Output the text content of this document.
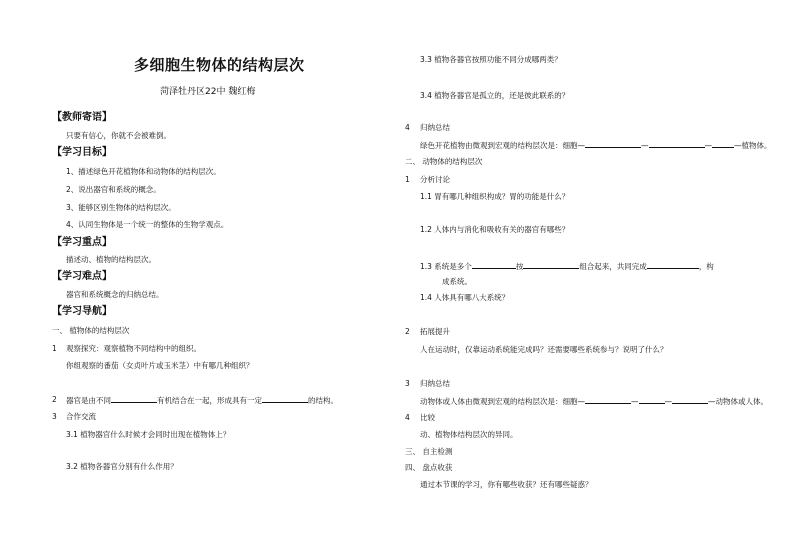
多细胞生物体的结构层次
菏泽牡丹区22中 魏红梅
【教师寄语】
只要有信心，你就不会被难倒。
【学习目标】
1、描述绿色开花植物体和动物体的结构层次。
2、说出器官和系统的概念。
3、能够区别生物体的结构层次。
4、认同生物体是一个统一的整体的生物学观点。
【学习重点】
描述动、植物的结构层次。
【学习难点】
器官和系统概念的归纳总结。
【学习导航】
一、 植物体的结构层次
1 观察探究：观察植物不同结构中的组织。
你组观察的番茄（女贞叶片或玉米茎）中有哪几种组织？
2 器官是由不同	有机结合在一起，形成具有一定	的结构。
3 合作交流
3.1 植物器官什么时候才会同时出现在植物体上？
3.2 植物各器官分别有什么作用？
3.3 植物各器官按照功能不同分成哪两类？
3.4 植物各器官是孤立的，还是彼此联系的？
4 归纳总结
绿色开花植物由微观到宏观的结构层次是：细胞—	—	—	—植物体。
二、 动物体的结构层次
1 分析讨论
1.1 胃有哪几种组织构成？胃的功能是什么？
1.2 人体内与消化和吸收有关的器官有哪些？
1.3 系统是多个	按	组合起来，共同完成	，构
成系统。
1.4 人体具有哪八大系统？
2 拓展提升
人在运动时，仅靠运动系统能完成吗？还需要哪些系统参与？说明了什么？
3 归纳总结
动物体或人体由微观到宏观的结构层次是：细胞—	—	—	—动物体或人体。
4 比较
动、植物体结构层次的异同。
三、 自主检测
四、 盘点收获
通过本节课的学习，你有哪些收获？还有哪些疑惑？
